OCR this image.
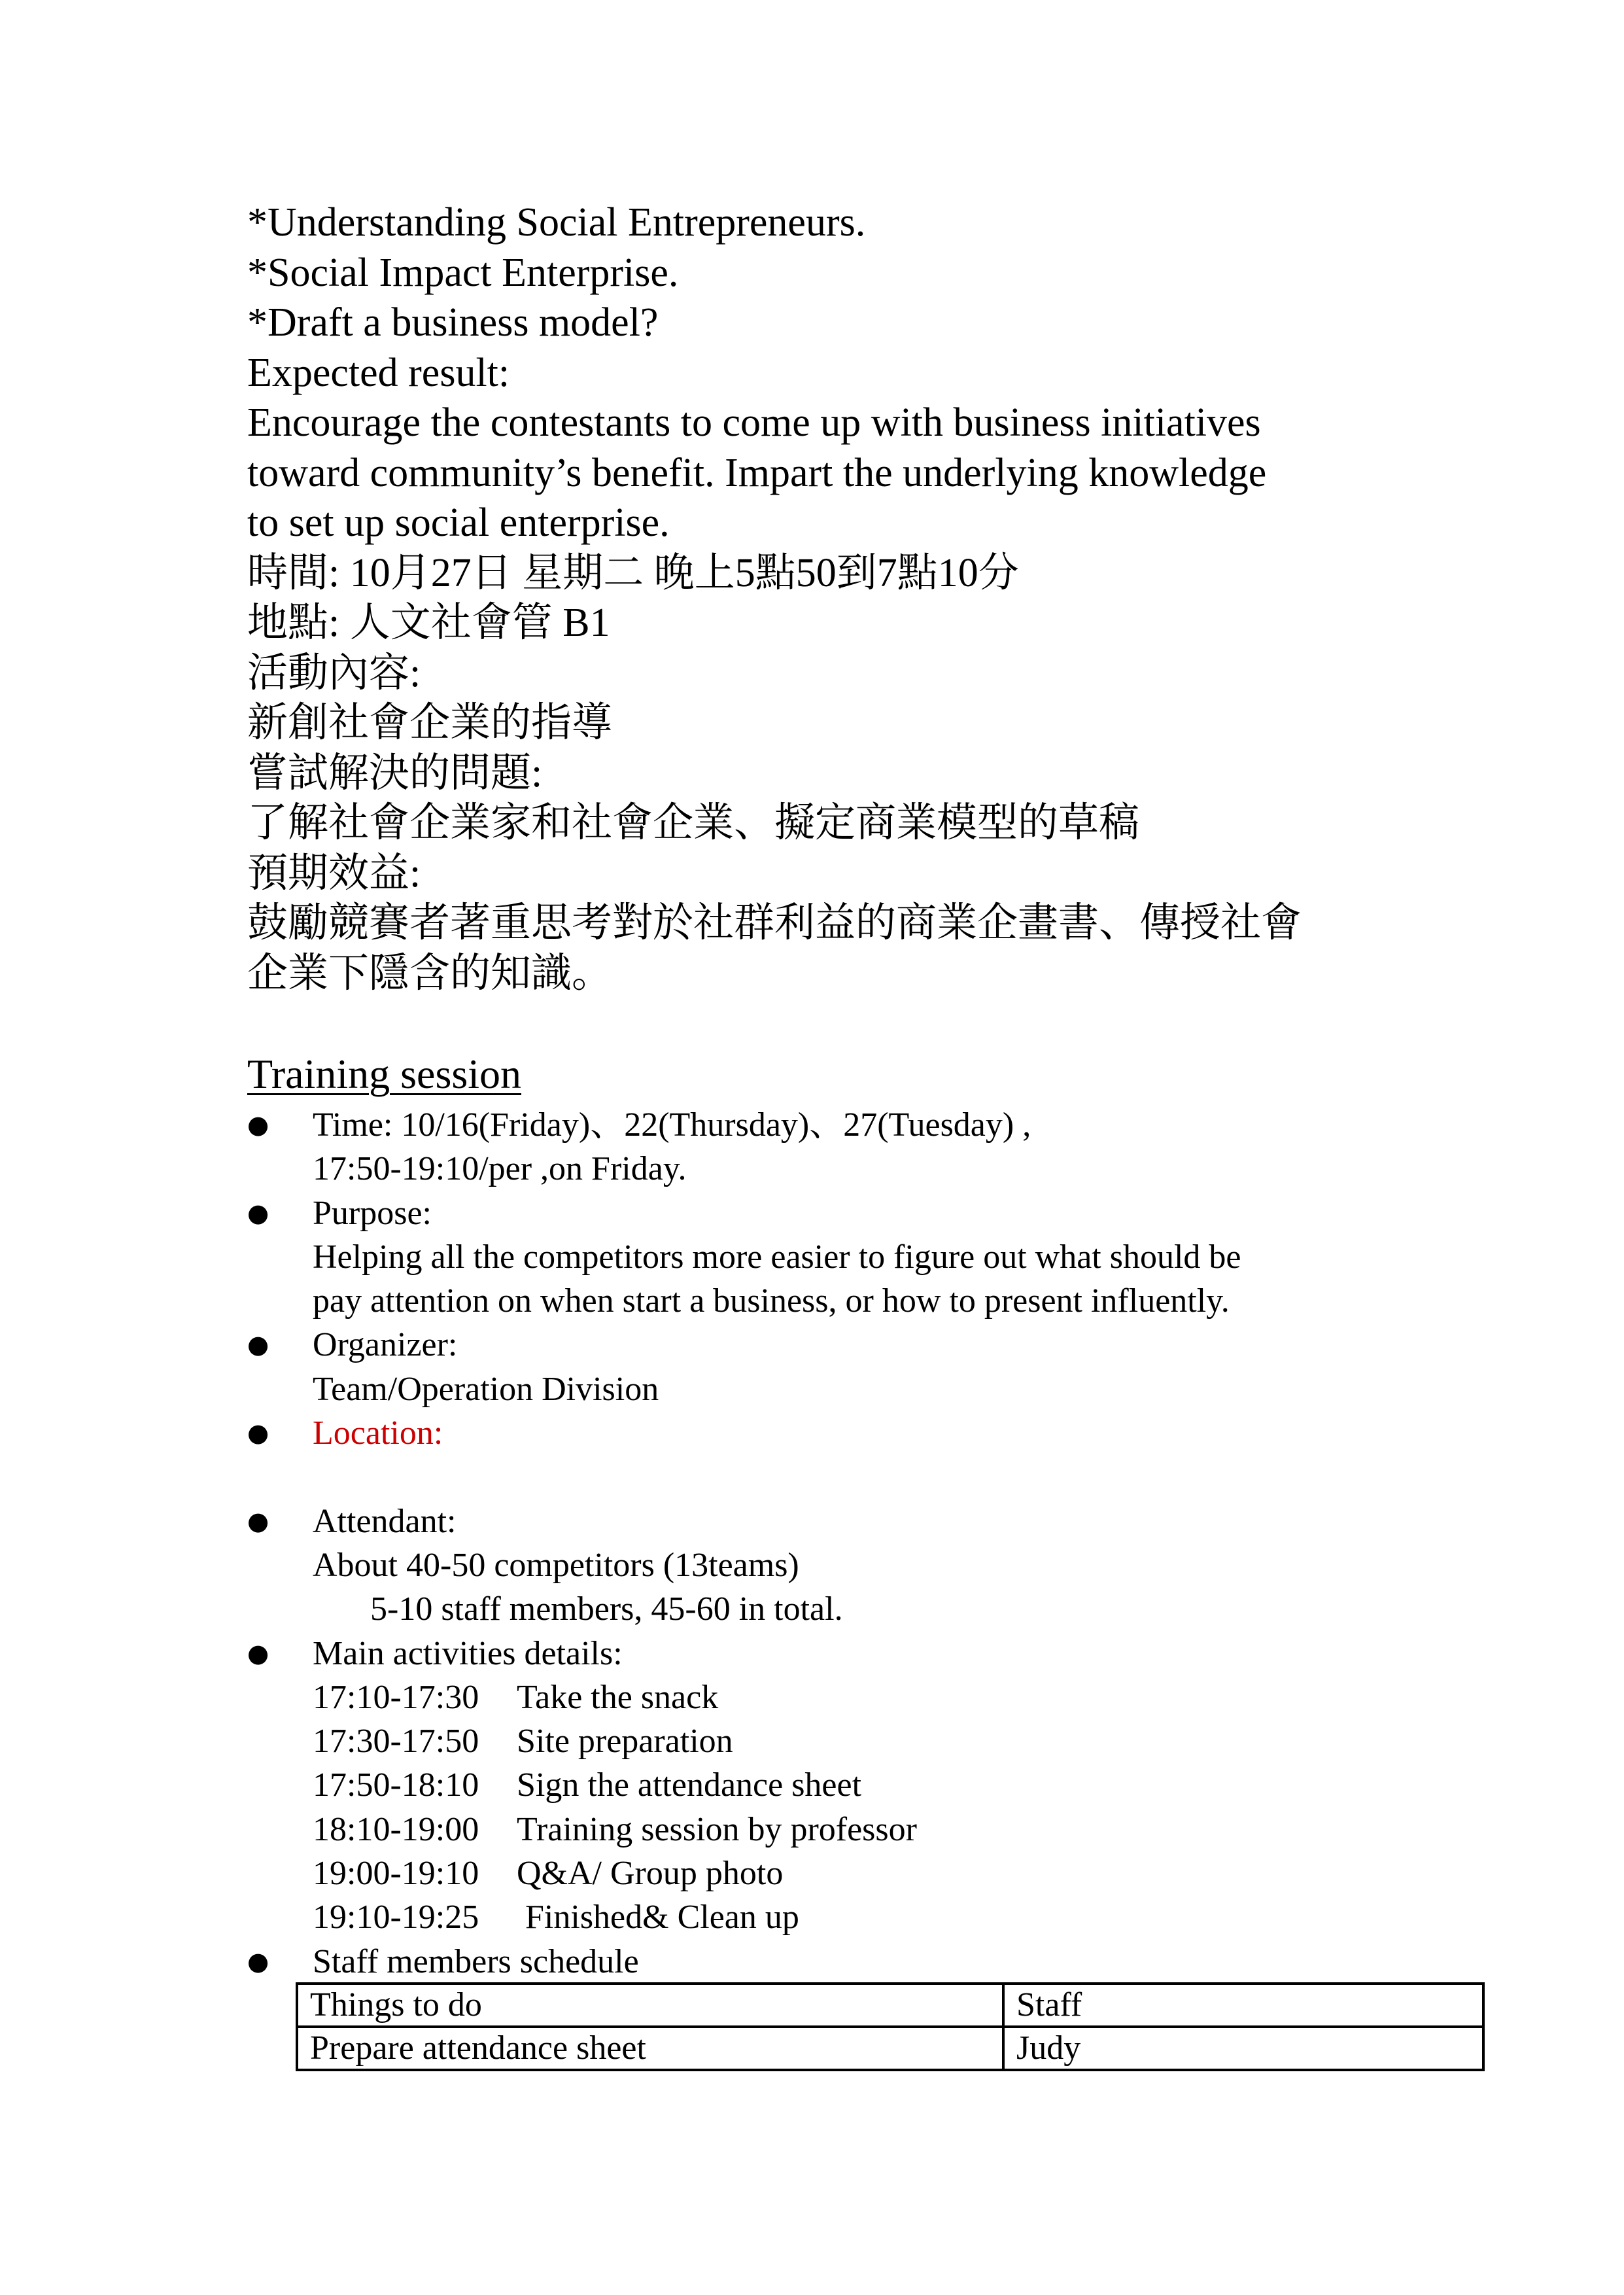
*Understanding Social Entrepreneurs.
*Social Impact Enterprise.
*Draft a business model?
Expected result:
Encourage the contestants to come up with business initiatives
toward community’s benefit. Impart the underlying knowledge
to set up social enterprise.
時間: 10月27日 星期二 晚上5點50到7點10分
地點: 人文社會管 B1
活動內容:
新創社會企業的指導
嘗試解決的問題:
了解社會企業家和社會企業、擬定商業模型的草稿
預期效益:
鼓勵競賽者著重思考對於社群利益的商業企畫書、傳授社會
企業下隱含的知識。
Training session
● Time: 10/16(Friday)、22(Thursday)、27(Tuesday) ,
17:50-19:10/per ,on Friday.
● Purpose:
Helping all the competitors more easier to figure out what should be
pay attention on when start a business, or how to present influently.
● Organizer:
Team/Operation Division
● Location:
● Attendant:
About 40-50 competitors (13teams)
5-10 staff members, 45-60 in total.
● Main activities details:
17:10-17:30 Take the snack
17:30-17:50 Site preparation
17:50-18:10 Sign the attendance sheet
18:10-19:00 Training session by professor
19:00-19:10 Q&A/ Group photo
19:10-19:25 Finished& Clean up
● Staff members schedule
Things to do	Staff
Prepare attendance sheet	Judy
